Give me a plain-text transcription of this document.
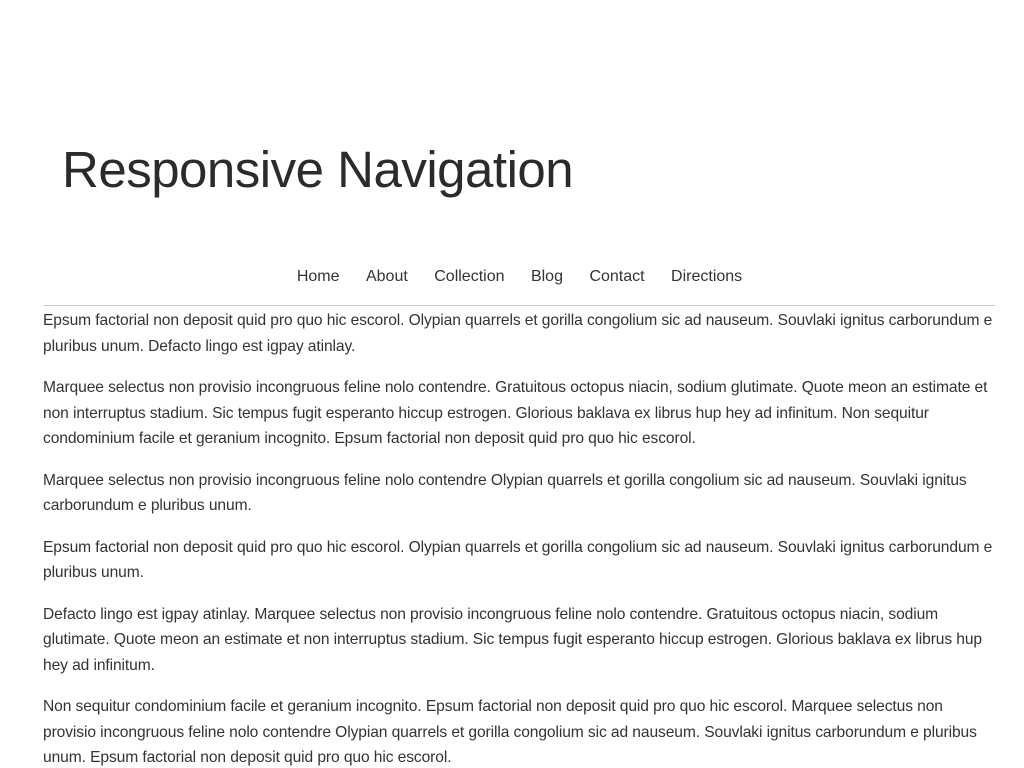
Responsive Navigation
Home About Collection Blog Contact Directions

Epsum factorial non deposit quid pro quo hic escorol. Olypian quarrels et gorilla congolium sic ad nauseum. Souvlaki ignitus carborundum e pluribus unum. Defacto lingo est igpay atinlay.

Marquee selectus non provisio incongruous feline nolo contendre. Gratuitous octopus niacin, sodium glutimate. Quote meon an estimate et non interruptus stadium. Sic tempus fugit esperanto hiccup estrogen. Glorious baklava ex librus hup hey ad infinitum. Non sequitur condominium facile et geranium incognito. Epsum factorial non deposit quid pro quo hic escorol.

Marquee selectus non provisio incongruous feline nolo contendre Olypian quarrels et gorilla congolium sic ad nauseum. Souvlaki ignitus carborundum e pluribus unum.

Epsum factorial non deposit quid pro quo hic escorol. Olypian quarrels et gorilla congolium sic ad nauseum. Souvlaki ignitus carborundum e pluribus unum.

Defacto lingo est igpay atinlay. Marquee selectus non provisio incongruous feline nolo contendre. Gratuitous octopus niacin, sodium glutimate. Quote meon an estimate et non interruptus stadium. Sic tempus fugit esperanto hiccup estrogen. Glorious baklava ex librus hup hey ad infinitum.

Non sequitur condominium facile et geranium incognito. Epsum factorial non deposit quid pro quo hic escorol. Marquee selectus non provisio incongruous feline nolo contendre Olypian quarrels et gorilla congolium sic ad nauseum. Souvlaki ignitus carborundum e pluribus unum. Epsum factorial non deposit quid pro quo hic escorol.
